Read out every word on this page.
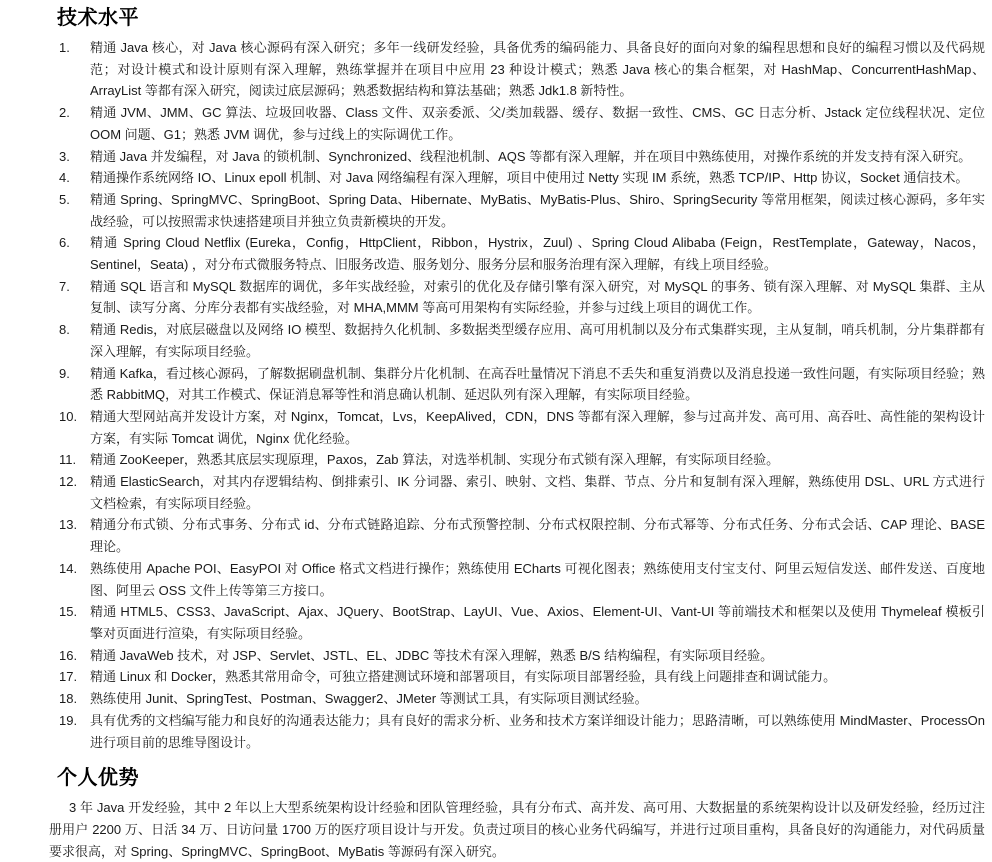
技术水平
精通 Java 核心，对 Java 核心源码有深入研究；多年一线研发经验，具备优秀的编码能力、具备良好的面向对象的编程思想和良好的编程习惯以及代码规范；对设计模式和设计原则有深入理解，熟练掌握并在项目中应用 23 种设计模式；熟悉 Java 核心的集合框架，对 HashMap、ConcurrentHashMap、ArrayList 等都有深入研究，阅读过底层源码；熟悉数据结构和算法基础；熟悉 Jdk1.8 新特性。
精通 JVM、JMM、GC 算法、垃圾回收器、Class 文件、双亲委派、父/类加载器、缓存、数据一致性、CMS、GC 日志分析、Jstack 定位线程状况、定位 OOM 问题、G1；熟悉 JVM 调优，参与过线上的实际调优工作。
精通 Java 并发编程，对 Java 的锁机制、Synchronized、线程池机制、AQS 等都有深入理解，并在项目中熟练使用，对操作系统的并发支持有深入研究。
精通操作系统网络 IO、Linux epoll 机制、对 Java 网络编程有深入理解，项目中使用过 Netty 实现 IM 系统，熟悉 TCP/IP、Http 协议，Socket 通信技术。
精通 Spring、SpringMVC、SpringBoot、Spring Data、Hibernate、MyBatis、MyBatis-Plus、Shiro、SpringSecurity 等常用框架，阅读过核心源码，多年实战经验，可以按照需求快速搭建项目并独立负责新模块的开发。
精通 Spring Cloud Netflix (Eureka，Config，HttpClient，Ribbon，Hystrix，Zuul) 、Spring Cloud Alibaba (Feign，RestTemplate，Gateway，Nacos，Sentinel，Seata) ，对分布式微服务特点、旧服务改造、服务划分、服务分层和服务治理有深入理解，有线上项目经验。
精通 SQL 语言和 MySQL 数据库的调优，多年实战经验，对索引的优化及存储引擎有深入研究，对 MySQL 的事务、锁有深入理解、对 MySQL 集群、主从复制、读写分离、分库分表都有实战经验，对 MHA,MMM 等高可用架构有实际经验，并参与过线上项目的调优工作。
精通 Redis，对底层磁盘以及网络 IO 模型、数据持久化机制、多数据类型缓存应用、高可用机制以及分布式集群实现，主从复制，哨兵机制，分片集群都有深入理解，有实际项目经验。
精通 Kafka，看过核心源码，了解数据刷盘机制、集群分片化机制、在高吞吐量情况下消息不丢失和重复消费以及消息投递一致性问题，有实际项目经验；熟悉 RabbitMQ，对其工作模式、保证消息幂等性和消息确认机制、延迟队列有深入理解，有实际项目经验。
精通大型网站高并发设计方案，对 Nginx，Tomcat，Lvs，KeepAlived，CDN，DNS 等都有深入理解，参与过高并发、高可用、高吞吐、高性能的架构设计方案，有实际 Tomcat 调优，Nginx 优化经验。
精通 ZooKeeper，熟悉其底层实现原理，Paxos，Zab 算法，对选举机制、实现分布式锁有深入理解，有实际项目经验。
精通 ElasticSearch，对其内存逻辑结构、倒排索引、IK 分词器、索引、映射、文档、集群、节点、分片和复制有深入理解，熟练使用 DSL、URL 方式进行文档检索，有实际项目经验。
精通分布式锁、分布式事务、分布式 id、分布式链路追踪、分布式预警控制、分布式权限控制、分布式幂等、分布式任务、分布式会话、CAP 理论、BASE 理论。
熟练使用 Apache POI、EasyPOI 对 Office 格式文档进行操作；熟练使用 ECharts 可视化图表；熟练使用支付宝支付、阿里云短信发送、邮件发送、百度地图、阿里云 OSS 文件上传等第三方接口。
精通 HTML5、CSS3、JavaScript、Ajax、JQuery、BootStrap、LayUI、Vue、Axios、Element-UI、Vant-UI 等前端技术和框架以及使用 Thymeleaf 模板引擎对页面进行渲染，有实际项目经验。
精通 JavaWeb 技术，对 JSP、Servlet、JSTL、EL、JDBC 等技术有深入理解，熟悉 B/S 结构编程，有实际项目经验。
精通 Linux 和 Docker，熟悉其常用命令，可独立搭建测试环境和部署项目，有实际项目部署经验，具有线上问题排查和调试能力。
熟练使用 Junit、SpringTest、Postman、Swagger2、JMeter 等测试工具，有实际项目测试经验。
具有优秀的文档编写能力和良好的沟通表达能力；具有良好的需求分析、业务和技术方案详细设计能力；思路清晰，可以熟练使用 MindMaster、ProcessOn 进行项目前的思维导图设计。
个人优势

3 年 Java 开发经验，其中 2 年以上大型系统架构设计经验和团队管理经验，具有分布式、高并发、高可用、大数据量的系统架构设计以及研发经验，经历过注册用户 2200 万、日活 34 万、日访问量 1700 万的医疗项目设计与开发。负责过项目的核心业务代码编写，并进行过项目重构，具备良好的沟通能力，对代码质量要求很高，对 Spring、SpringMVC、SpringBoot、MyBatis 等源码有深入研究。
